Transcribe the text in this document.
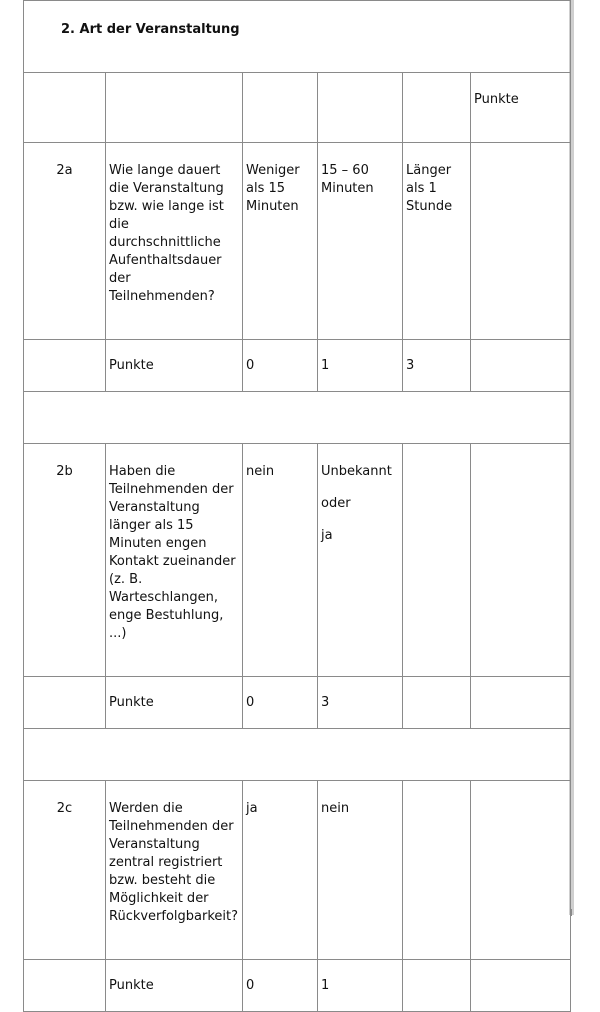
2. Art der Veranstaltung					
					Punkte
2a	Wie lange dauert die Veranstaltung bzw. wie lange ist die durchschnittliche Aufenthaltsdauer der Teilnehmenden?	Weniger als 15 Minuten	15 – 60 Minuten	Länger als 1 Stunde	
	Punkte	0	1	3	

2b	Haben die Teilnehmenden der Veranstaltung länger als 15 Minuten engen Kontakt zueinander (z. B. Warteschlangen, enge Bestuhlung, ...)	nein	Unbekannt
oder
ja		

	Punkte	0	3		

2c	Werden die Teilnehmenden der Veranstaltung zentral registriert bzw. besteht die Möglichkeit der Rückverfolgbarkeit?	ja	nein		
	Punkte	0	1		
